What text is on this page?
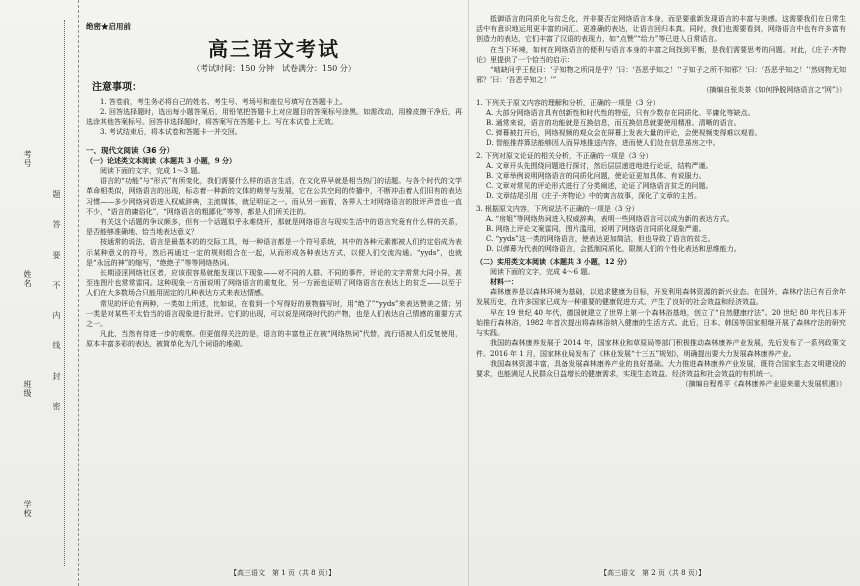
考号
姓名
班级
学校
题
答
要
不
内
线
封
密
绝密★启用前
高三语文考试
（考试时间：150 分钟　试卷满分：150 分）
注意事项：

1. 答卷前，考生务必将自己的姓名、考生号、考场号和座位号填写在答题卡上。

2. 回答选择题时，选出每小题答案后，用铅笔把答题卡上对应题目的答案标号涂黑。如需改动，用橡皮擦干净后，再选涂其他答案标号。回答非选择题时，将答案写在答题卡上。写在本试卷上无效。

3. 考试结束后，将本试卷和答题卡一并交回。

一、现代文阅读（36 分）
（一）论述类文本阅读（本题共 3 小题，9 分）

阅读下面的文字，完成 1～3 题。

语言的“功能”与“形式”有所变化，我们需要什么样的语言生活，在文化界早就是相当热门的话题。与各个时代的文学革命相类似，网络语言的出现，标志着一种新的文体的萌芽与发展，它在公共空间的传播中，不断冲击着人们旧有的表达习惯——多少网络词语进入权威辞典，主流媒体，就足明证之一。而从另一面看，各界人士对网络语言的批评声音也一直不少，“语言的庸俗化”，“网络语言的粗鄙化”等等，都是人们所关注的。

有关这个话题的争议颇多，但有一个话题似乎永难绕开，那就是网络语言与现实生活中的语言究竟有什么样的关系，是否能够准确地、恰当地表达意义？

按通常的说法，语言是最基本的的交际工具，每一种语言都是一个符号系统，其中的各种元素都被人们约定俗成为表示某种意义的符号，然后再通过一定的规则组合在一起，从而形成各种表达方式，以便人们交流沟通。“yyds”，也就是“永远的神”的缩写，“绝绝子”等等网络热词。

长期浸淫网络社区者，应该很容易就能发现以下现象——对不同的人群、不同的事件，评论的文字常常大同小异，甚至连图片也常常雷同。这种现象一方面说明了网络语言的重复化，另一方面也证明了网络语言在表达上的贫乏——以至于人们在大多数场合只能用固定的几种表达方式来表达情感。

常见的评论有两种，一类如上所述，比如说，在看到一个写得好的景物描写时，用“绝了”“yyds”来表达赞美之情；另一类是对某些不太恰当的语言现象进行批评。它们的出现，可以说是网络时代的产物，也是人们表达自己情感的重要方式之一。

凡此，当然有待进一步的观察。但更值得关注的是，语言的丰富性正在被“网络热词”代替，流行语被人们反复使用，原本丰富多彩的表达，被简单化为几个词语的堆砌。

【高三语文　第 1 页（共 8 页）】

抵御语言的同质化与贫乏化，并非要否定网络语言本身，而是要重新发现语言的丰富与美感。这需要我们在日常生活中有意识地运用更丰富的词汇、更准确的表达，让语言回归本真。同时，我们也需要看到，网络语言中也有许多富有创造力的表达，它们丰富了汉语的表现力，如“点赞”“给力”等已进入日常语言。

在当下环境，如何在网络语言的便利与语言本身的丰富之间找到平衡，是我们需要思考的问题。对此，《庄子·齐物论》里提供了一个恰当的启示：

“啮缺问乎王倪曰：‘子知物之所同是乎？’曰：‘吾恶乎知之！’‘子知子之所不知邪？’曰：‘吾恶乎知之！’‘然则物无知邪？’曰：‘吾恶乎知之！’”

（摘编自张炎茶《如何挣脱网络语言之“网”》）

1. 下列关于原文内容的理解和分析，正确的一项是（3 分）

A. 大部分网络语言具有创新性和时代性的特征，只有少数存在同质化、平庸化等缺点。

B. 通常来说，语言的功能就是互换信息，而互换信息就要使用精准、清晰的语言。

C. 弹幕被打开后，网络视频的观众会在屏幕上发表大量的评论，会使视频变得难以观看。

D. 智能推荐算法能够因人而异地推送内容，进而使人们处在信息茧房之中。

2. 下列对原文论证的相关分析，不正确的一项是（3 分）

A. 文章开头先围绕问题进行探讨，然后层层递进地进行论证，结构严谨。

B. 文章举例说明网络语言的同质化问题，使论证更加具体、有说服力。

C. 文章对常见的评论形式进行了分类阐述，论证了网络语言贫乏的问题。

D. 文章结尾引用《庄子·齐物论》中的寓言故事，深化了文章的主旨。

3. 根据原文内容，下列说法不正确的一项是（3 分）

A. “房姐”等网络热词进入权威辞典，表明一些网络语言可以成为新的表达方式。

B. 网络上评论文案雷同，图片滥用，说明了网络语言同质化现象严重。

C. “yyds”这一类的网络语言，使表达更加简洁，但也导致了语言的贫乏。

D. 以弹幕为代表的网络语言，会抵制同质化，限制人们的个性化表达和思维能力。

（二）实用类文本阅读（本题共 3 小题，12 分）

阅读下面的文字，完成 4～6 题。

材料一：

森林康养是以森林环境为基础，以追求健康为目标，开发利用森林资源的新兴业态。在国外，森林疗法已有百余年发展历史，在许多国家已成为一种重要的健康促进方式，产生了良好的社会效益和经济效益。

早在 19 世纪 40 年代，德国就建立了世界上第一个森林浴基地，创立了“自然健康疗法”。20 世纪 80 年代日本开始推行森林浴，1982 年首次提出将森林浴纳入健康的生活方式。此后，日本、韩国等国家相继开展了森林疗法的研究与实践。

我国的森林康养发展于 2014 年，国家林业和草原局等部门积极推动森林康养产业发展，先后发布了一系列政策文件。2016 年 1 月，国家林业局发布了《林业发展“十三五”规划》，明确提出要大力发展森林康养产业。

我国森林资源丰富，具备发展森林康养产业的良好基础。大力推进森林康养产业发展，既符合国家生态文明建设的要求，也能满足人民群众日益增长的健康需求，实现生态效益、经济效益和社会效益的有机统一。

（摘编自程希平《森林康养产业迎来重大发展机遇》）

【高三语文　第 2 页（共 8 页）】
